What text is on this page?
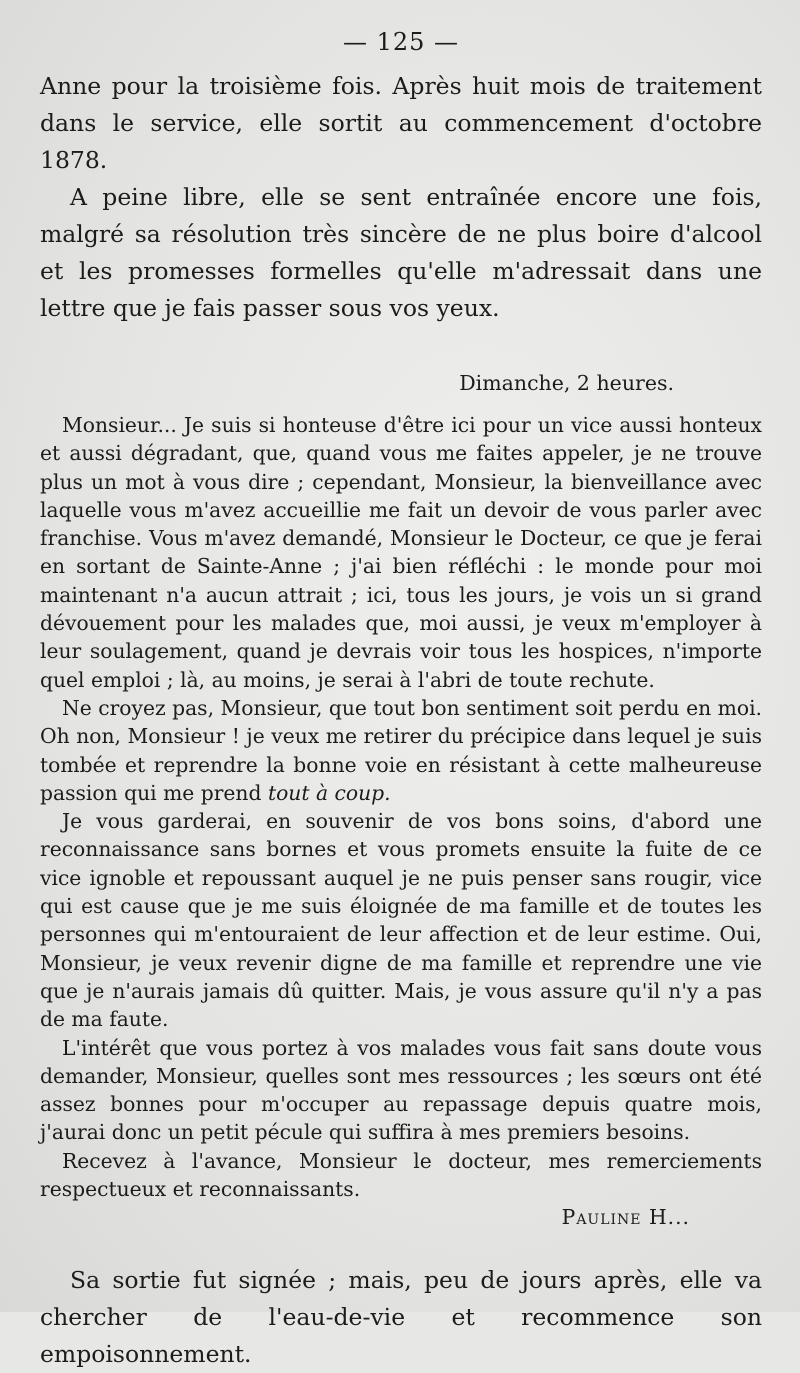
— 125 —

Anne pour la troisième fois. Après huit mois de traitement dans le service, elle sortit au commencement d'octobre 1878.

A peine libre, elle se sent entraînée encore une fois, malgré sa résolution très sincère de ne plus boire d'alcool et les promesses formelles qu'elle m'adressait dans une lettre que je fais passer sous vos yeux.

Dimanche, 2 heures.

Monsieur... Je suis si honteuse d'être ici pour un vice aussi honteux et aussi dégradant, que, quand vous me faites appeler, je ne trouve plus un mot à vous dire ; cependant, Monsieur, la bienveillance avec laquelle vous m'avez accueillie me fait un devoir de vous parler avec franchise. Vous m'avez demandé, Monsieur le Docteur, ce que je ferai en sortant de Sainte-Anne ; j'ai bien réfléchi : le monde pour moi maintenant n'a aucun attrait ; ici, tous les jours, je vois un si grand dévouement pour les malades que, moi aussi, je veux m'employer à leur soulagement, quand je devrais voir tous les hospices, n'importe quel emploi ; là, au moins, je serai à l'abri de toute rechute.

Ne croyez pas, Monsieur, que tout bon sentiment soit perdu en moi. Oh non, Monsieur ! je veux me retirer du précipice dans lequel je suis tombée et reprendre la bonne voie en résistant à cette malheureuse passion qui me prend tout à coup.

Je vous garderai, en souvenir de vos bons soins, d'abord une reconnaissance sans bornes et vous promets ensuite la fuite de ce vice ignoble et repoussant auquel je ne puis penser sans rougir, vice qui est cause que je me suis éloignée de ma famille et de toutes les personnes qui m'entouraient de leur affection et de leur estime. Oui, Monsieur, je veux revenir digne de ma famille et reprendre une vie que je n'aurais jamais dû quitter. Mais, je vous assure qu'il n'y a pas de ma faute.

L'intérêt que vous portez à vos malades vous fait sans doute vous demander, Monsieur, quelles sont mes ressources ; les sœurs ont été assez bonnes pour m'occuper au repassage depuis quatre mois, j'aurai donc un petit pécule qui suffira à mes premiers besoins.

Recevez à l'avance, Monsieur le docteur, mes remerciements respectueux et reconnaissants.

Pauline H...

Sa sortie fut signée ; mais, peu de jours après, elle va chercher de l'eau-de-vie et recommence son empoisonnement.
